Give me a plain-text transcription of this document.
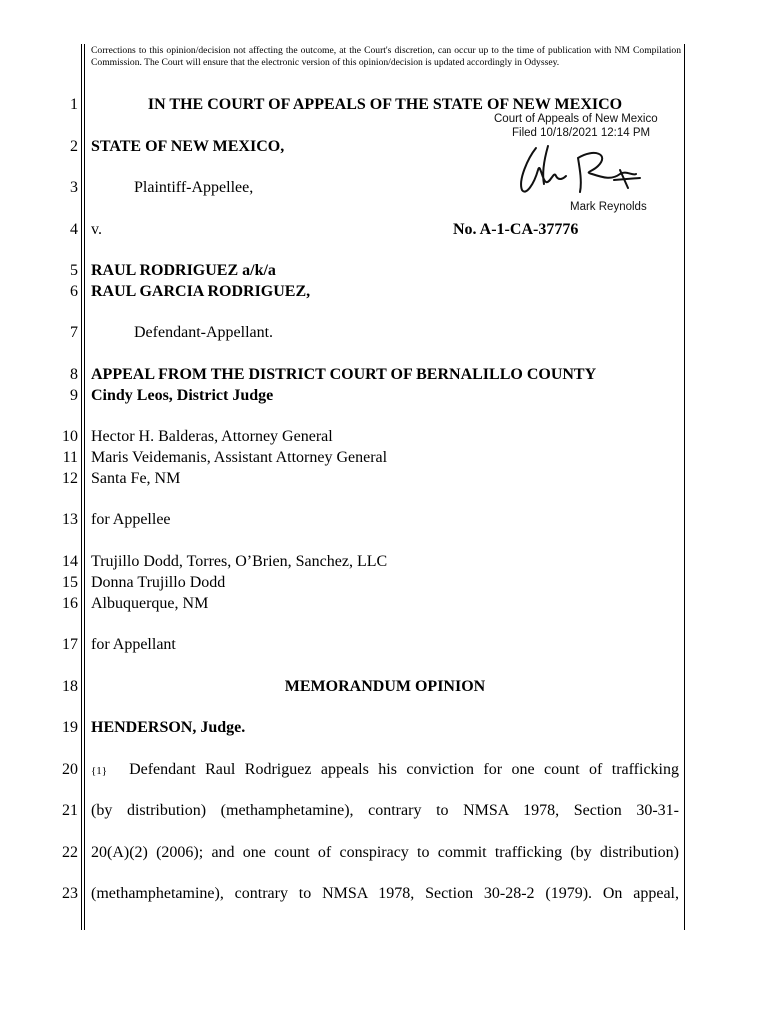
Corrections to this opinion/decision not affecting the outcome, at the Court's discretion, can occur up to the time of publication with NM Compilation Commission. The Court will ensure that the electronic version of this opinion/decision is updated accordingly in Odyssey.
1
2
3
4
5
6
7
8
9
10
11
12
13
14
15
16
17
18
19
20
21
22
23
IN THE COURT OF APPEALS OF THE STATE OF NEW MEXICO
Court of Appeals of New Mexico
Filed 10/18/2021 12:14 PM
Mark Reynolds
STATE OF NEW MEXICO,
Plaintiff-Appellee,
v.	No. A-1-CA-37776
RAUL RODRIGUEZ a/k/a
RAUL GARCIA RODRIGUEZ,
Defendant-Appellant.
APPEAL FROM THE DISTRICT COURT OF BERNALILLO COUNTY
Cindy Leos, District Judge
Hector H. Balderas, Attorney General
Maris Veidemanis, Assistant Attorney General
Santa Fe, NM
for Appellee
Trujillo Dodd, Torres, O’Brien, Sanchez, LLC
Donna Trujillo Dodd
Albuquerque, NM
for Appellant
MEMORANDUM OPINION
HENDERSON, Judge.
{1} Defendant Raul Rodriguez appeals his conviction for one count of trafficking
(by distribution) (methamphetamine), contrary to NMSA 1978, Section 30-31-
20(A)(2) (2006); and one count of conspiracy to commit trafficking (by distribution)
(methamphetamine), contrary to NMSA 1978, Section 30-28-2 (1979). On appeal,
